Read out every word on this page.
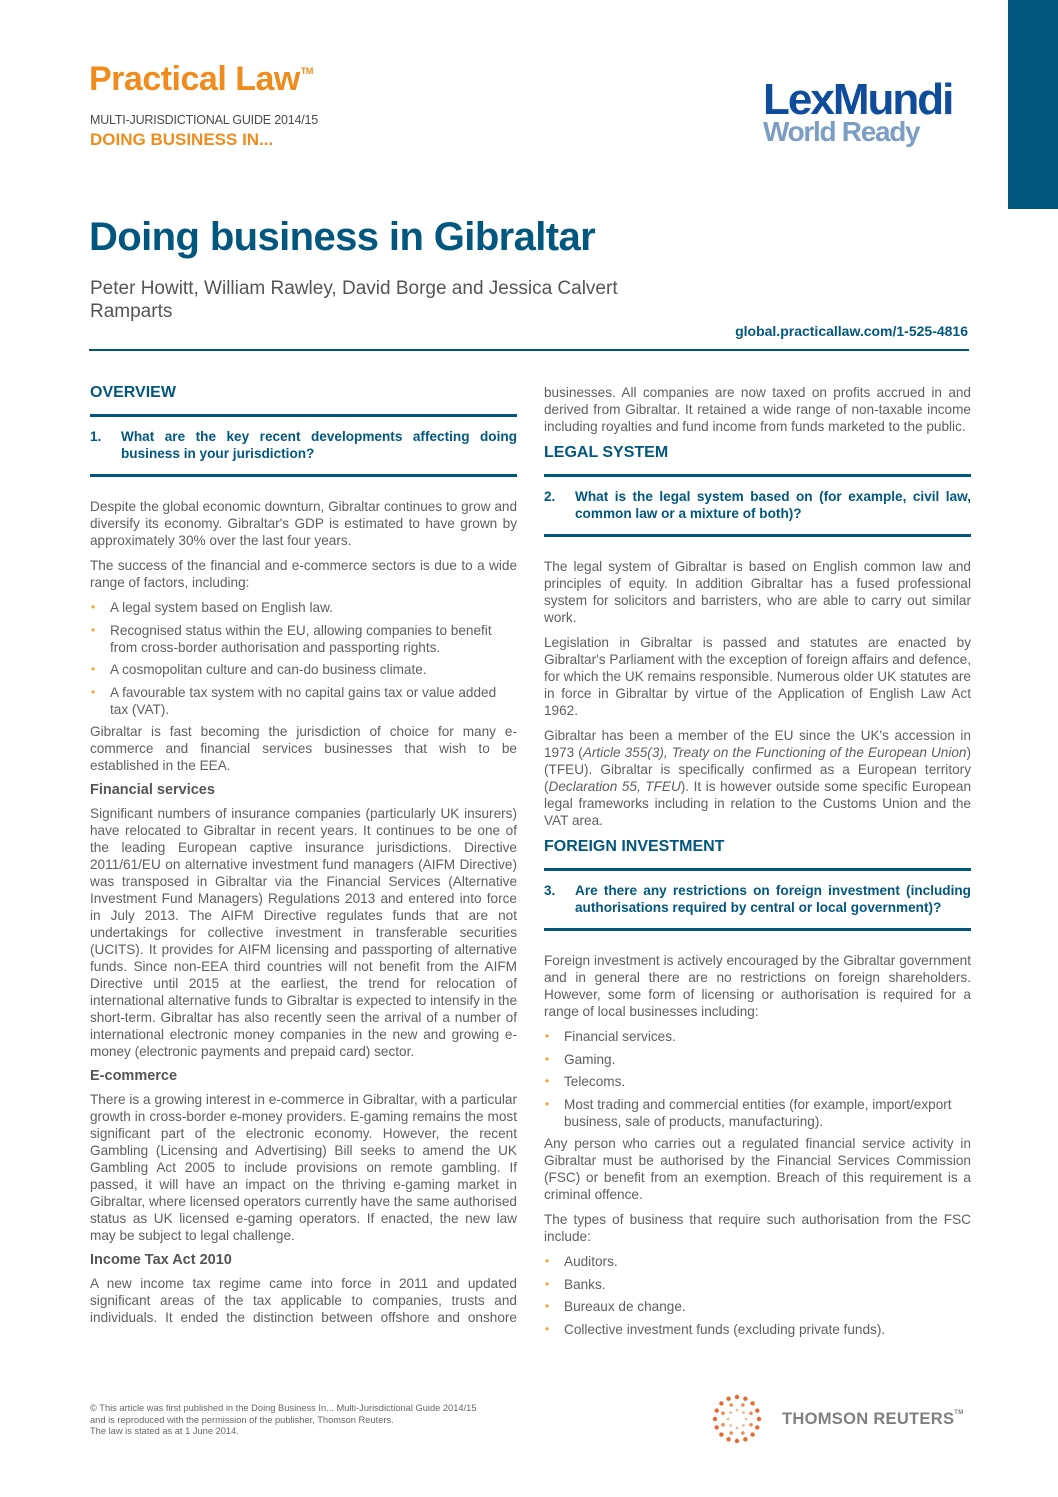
Practical Law™
MULTI-JURISDICTIONAL GUIDE 2014/15
DOING BUSINESS IN...
LexMundi
World Ready
Doing business in Gibraltar
Peter Howitt, William Rawley, David Borge and Jessica Calvert
Ramparts
global.practicallaw.com/1-525-4816
OVERVIEW
1.	What are the key recent developments affecting doing business in your jurisdiction?

Despite the global economic downturn, Gibraltar continues to grow and diversify its economy. Gibraltar's GDP is estimated to have grown by approximately 30% over the last four years.

The success of the financial and e-commerce sectors is due to a wide range of factors, including:

• A legal system based on English law.
• Recognised status within the EU, allowing companies to benefit from cross-border authorisation and passporting rights.
• A cosmopolitan culture and can-do business climate.
• A favourable tax system with no capital gains tax or value added tax (VAT).

Gibraltar is fast becoming the jurisdiction of choice for many e-commerce and financial services businesses that wish to be established in the EEA.

Financial services

Significant numbers of insurance companies (particularly UK insurers) have relocated to Gibraltar in recent years. It continues to be one of the leading European captive insurance jurisdictions. Directive 2011/61/EU on alternative investment fund managers (AIFM Directive) was transposed in Gibraltar via the Financial Services (Alternative Investment Fund Managers) Regulations 2013 and entered into force in July 2013. The AIFM Directive regulates funds that are not undertakings for collective investment in transferable securities (UCITS). It provides for AIFM licensing and passporting of alternative funds. Since non-EEA third countries will not benefit from the AIFM Directive until 2015 at the earliest, the trend for relocation of international alternative funds to Gibraltar is expected to intensify in the short-term. Gibraltar has also recently seen the arrival of a number of international electronic money companies in the new and growing e-money (electronic payments and prepaid card) sector.

E-commerce

There is a growing interest in e-commerce in Gibraltar, with a particular growth in cross-border e-money providers. E-gaming remains the most significant part of the electronic economy. However, the recent Gambling (Licensing and Advertising) Bill seeks to amend the UK Gambling Act 2005 to include provisions on remote gambling. If passed, it will have an impact on the thriving e-gaming market in Gibraltar, where licensed operators currently have the same authorised status as UK licensed e-gaming operators. If enacted, the new law may be subject to legal challenge.

Income Tax Act 2010

A new income tax regime came into force in 2011 and updated significant areas of the tax applicable to companies, trusts and individuals. It ended the distinction between offshore and onshore

businesses. All companies are now taxed on profits accrued in and derived from Gibraltar. It retained a wide range of non-taxable income including royalties and fund income from funds marketed to the public.

LEGAL SYSTEM
2.	What is the legal system based on (for example, civil law, common law or a mixture of both)?

The legal system of Gibraltar is based on English common law and principles of equity. In addition Gibraltar has a fused professional system for solicitors and barristers, who are able to carry out similar work.

Legislation in Gibraltar is passed and statutes are enacted by Gibraltar's Parliament with the exception of foreign affairs and defence, for which the UK remains responsible. Numerous older UK statutes are in force in Gibraltar by virtue of the Application of English Law Act 1962.

Gibraltar has been a member of the EU since the UK's accession in 1973 (Article 355(3), Treaty on the Functioning of the European Union) (TFEU). Gibraltar is specifically confirmed as a European territory (Declaration 55, TFEU). It is however outside some specific European legal frameworks including in relation to the Customs Union and the VAT area.

FOREIGN INVESTMENT
3.	Are there any restrictions on foreign investment (including authorisations required by central or local government)?

Foreign investment is actively encouraged by the Gibraltar government and in general there are no restrictions on foreign shareholders. However, some form of licensing or authorisation is required for a range of local businesses including:

• Financial services.
• Gaming.
• Telecoms.
• Most trading and commercial entities (for example, import/export business, sale of products, manufacturing).

Any person who carries out a regulated financial service activity in Gibraltar must be authorised by the Financial Services Commission (FSC) or benefit from an exemption. Breach of this requirement is a criminal offence.

The types of business that require such authorisation from the FSC include:

• Auditors.
• Banks.
• Bureaux de change.
• Collective investment funds (excluding private funds).
© This article was first published in the Doing Business In... Multi-Jurisdictional Guide 2014/15
and is reproduced with the permission of the publisher, Thomson Reuters.
The law is stated as at 1 June 2014.
THOMSON REUTERS™
